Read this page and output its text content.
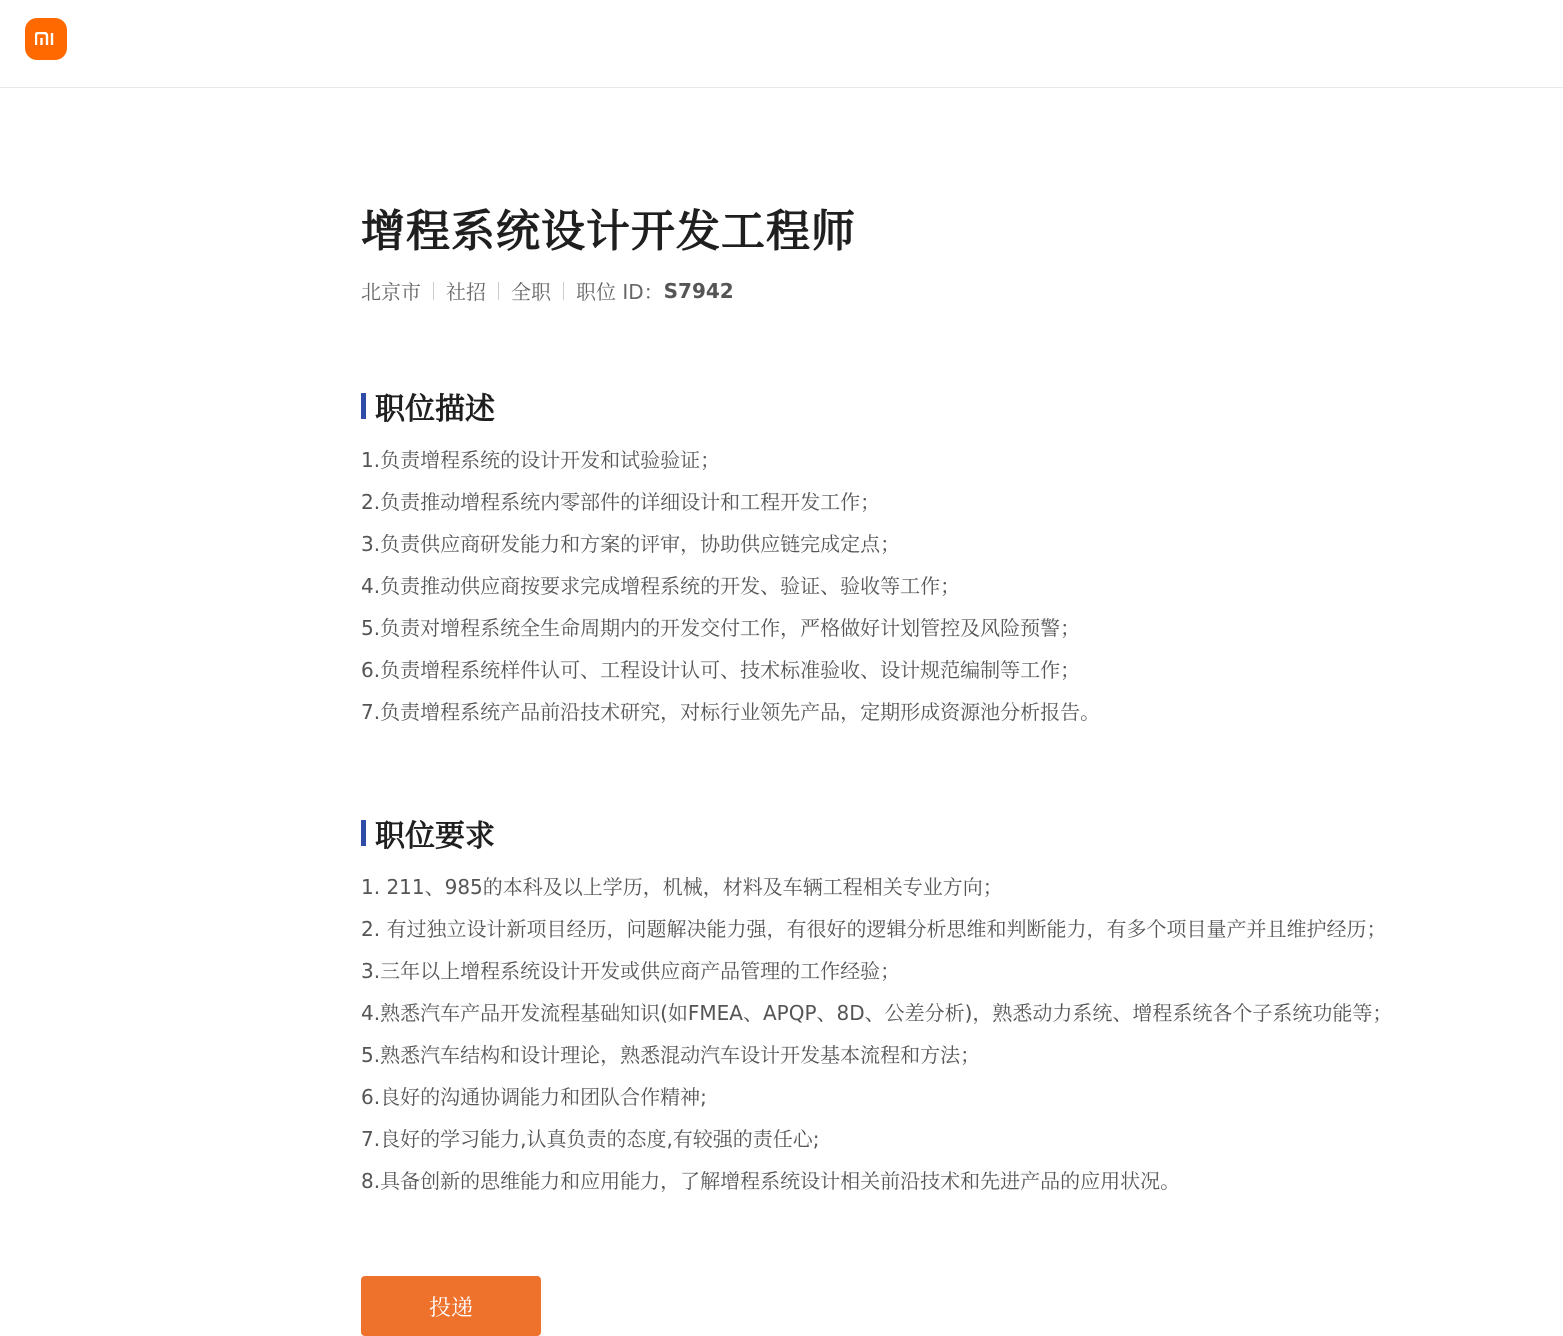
增程系统设计开发工程师
北京市 社招 全职 职位 ID： S7942
职位描述
1.负责增程系统的设计开发和试验验证；
2.负责推动增程系统内零部件的详细设计和工程开发工作；
3.负责供应商研发能力和方案的评审，协助供应链完成定点；
4.负责推动供应商按要求完成增程系统的开发、验证、验收等工作；
5.负责对增程系统全生命周期内的开发交付工作，严格做好计划管控及风险预警；
6.负责增程系统样件认可、工程设计认可、技术标准验收、设计规范编制等工作；
7.负责增程系统产品前沿技术研究，对标行业领先产品，定期形成资源池分析报告。
职位要求
1. 211、985的本科及以上学历，机械，材料及车辆工程相关专业方向；
2. 有过独立设计新项目经历，问题解决能力强，有很好的逻辑分析思维和判断能力，有多个项目量产并且维护经历；
3.三年以上增程系统设计开发或供应商产品管理的工作经验；
4.熟悉汽车产品开发流程基础知识(如FMEA、APQP、8D、公差分析)，熟悉动力系统、增程系统各个子系统功能等；
5.熟悉汽车结构和设计理论，熟悉混动汽车设计开发基本流程和方法；
6.良好的沟通协调能力和团队合作精神;
7.良好的学习能力,认真负责的态度,有较强的责任心;
8.具备创新的思维能力和应用能力，了解增程系统设计相关前沿技术和先进产品的应用状况。
投递
